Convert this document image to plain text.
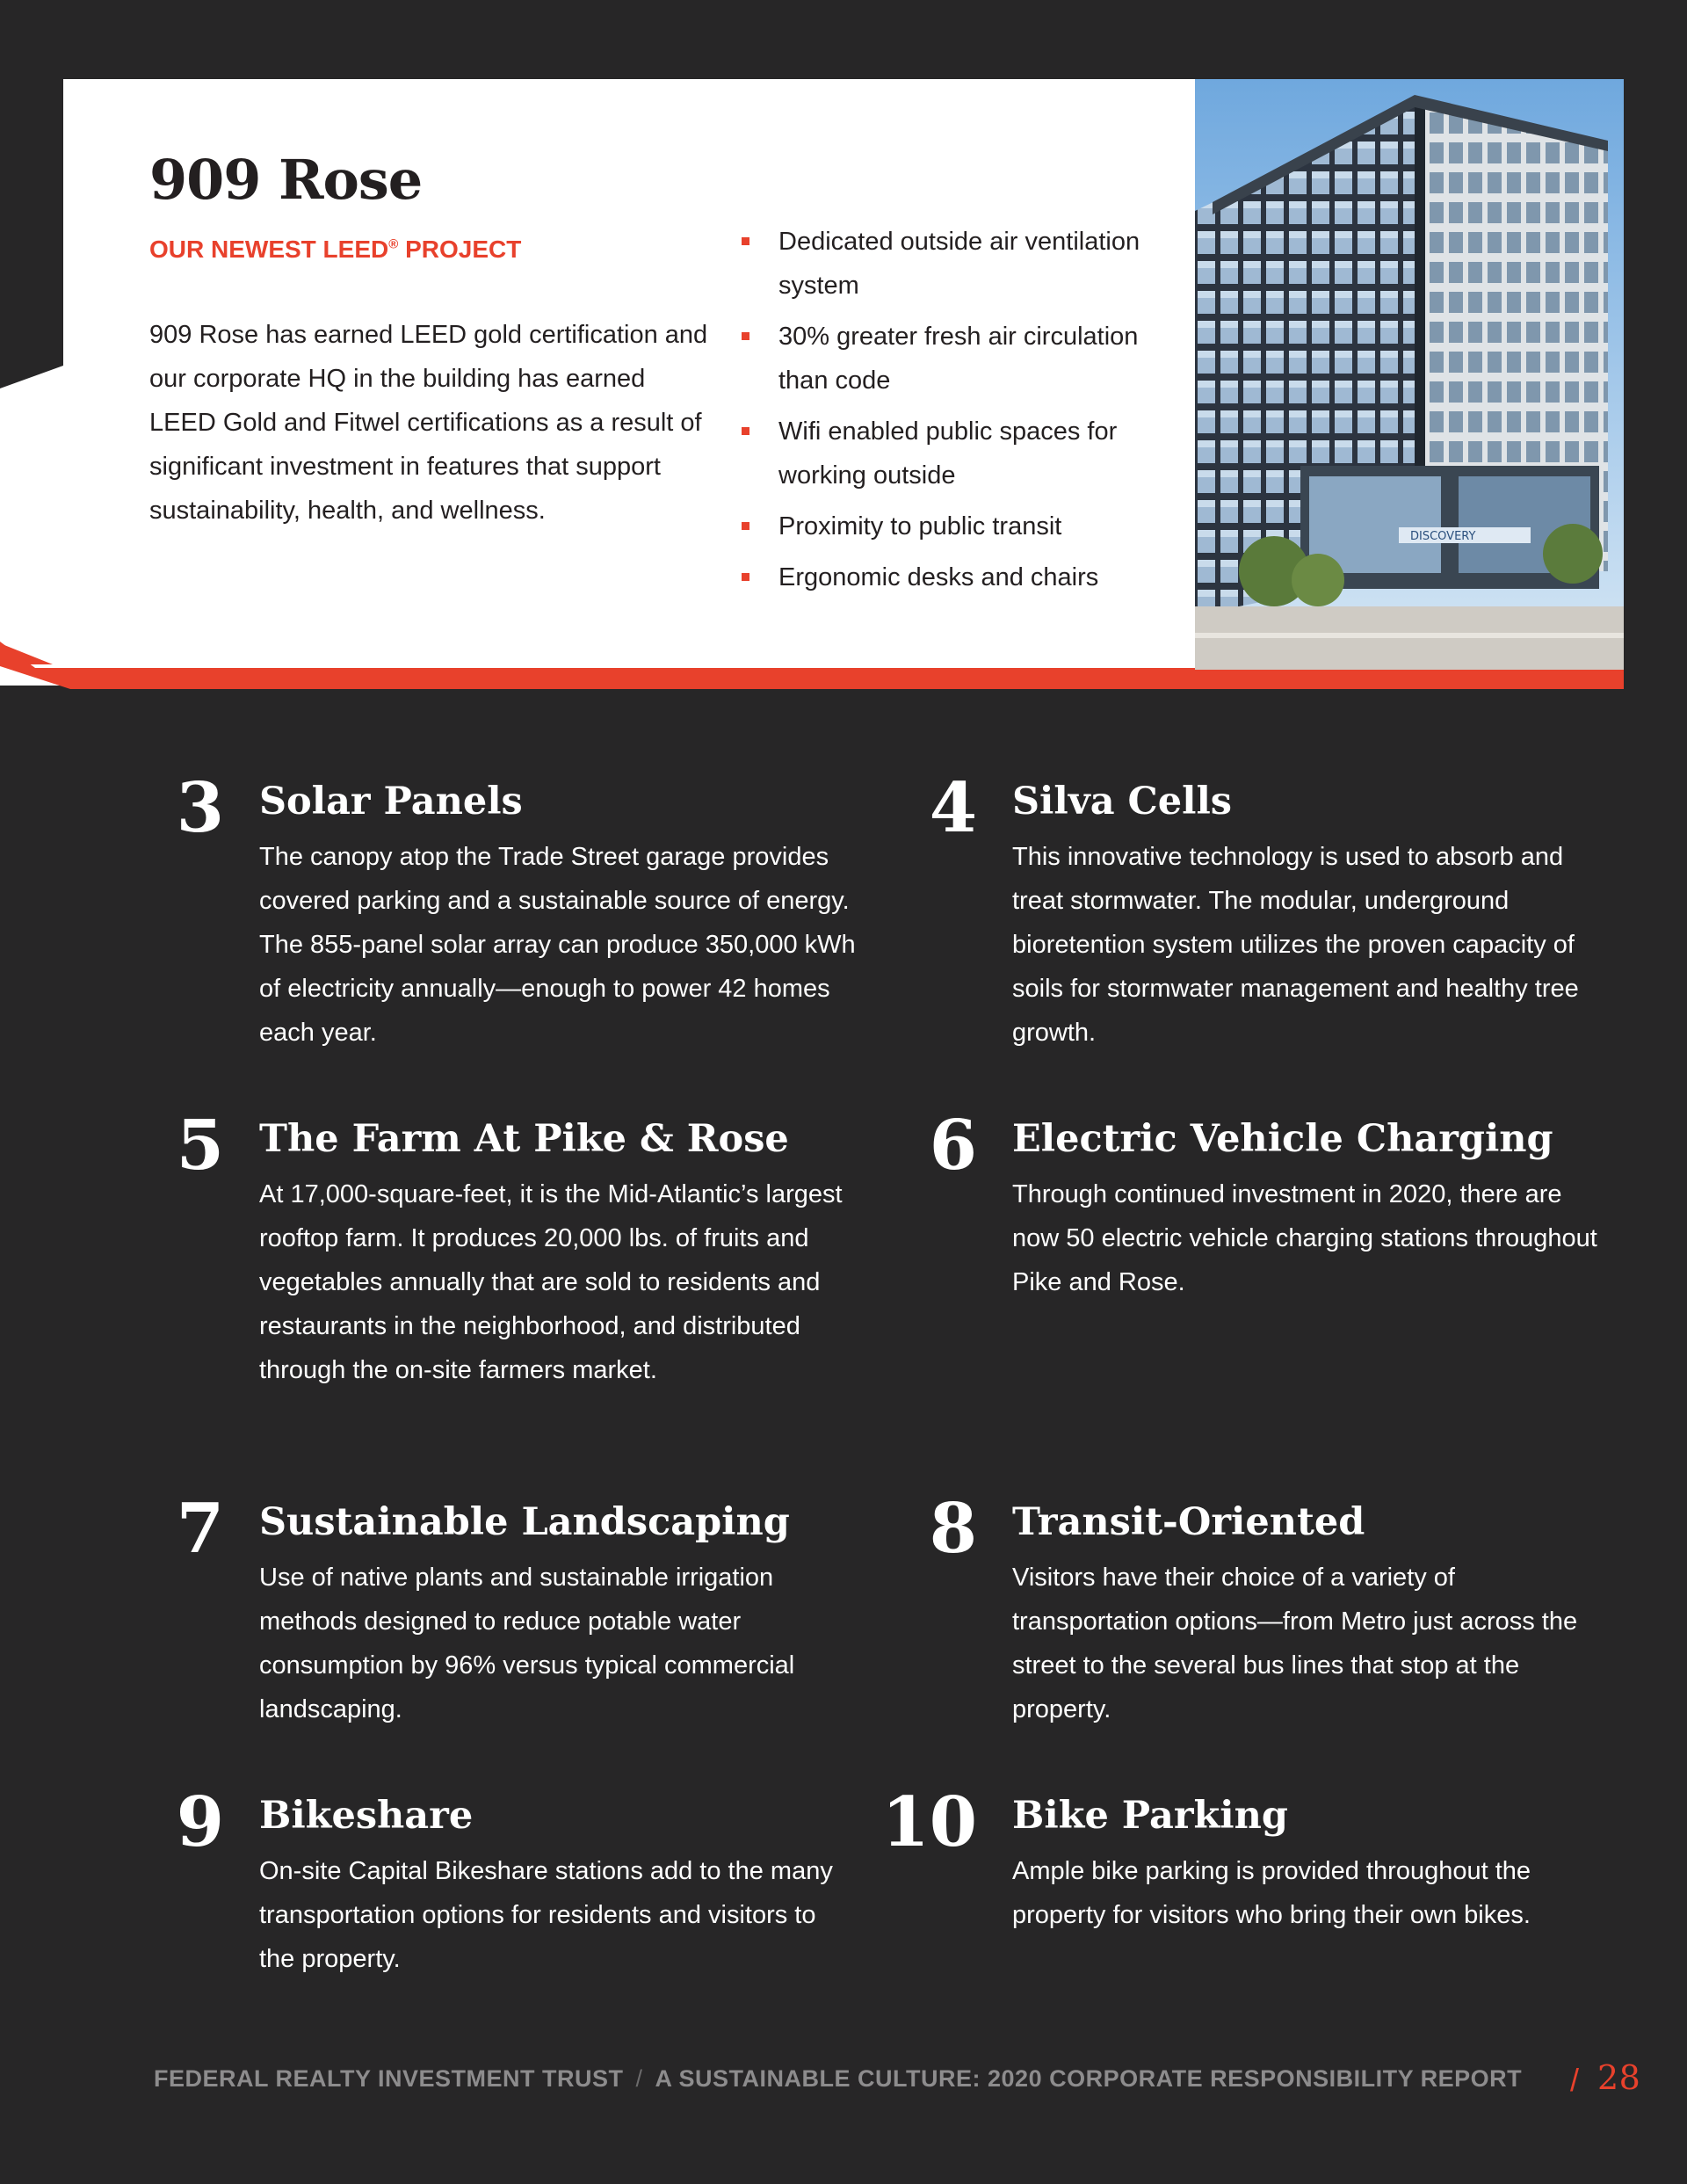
909 Rose

OUR NEWEST LEED® PROJECT

909 Rose has earned LEED gold certification and our corporate HQ in the building has earned LEED Gold and Fitwel certifications as a result of significant investment in features that support sustainability, health, and wellness.

Dedicated outside air ventilation system
30% greater fresh air circulation than code
Wifi enabled public spaces for working outside
Proximity to public transit
Ergonomic desks and chairs
DISCOVERY
3 Solar Panels

The canopy atop the Trade Street garage provides covered parking and a sustainable source of energy. The 855-panel solar array can produce 350,000 kWh of electricity annually—enough to power 42 homes each year.

4 Silva Cells

This innovative technology is used to absorb and treat stormwater. The modular, underground bioretention system utilizes the proven capacity of soils for stormwater management and healthy tree growth.

5 The Farm At Pike & Rose

At 17,000-square-feet, it is the Mid-Atlantic’s largest rooftop farm. It produces 20,000 lbs. of fruits and vegetables annually that are sold to residents and restaurants in the neighborhood, and distributed through the on-site farmers market.

6 Electric Vehicle Charging

Through continued investment in 2020, there are now 50 electric vehicle charging stations throughout Pike and Rose.

7 Sustainable Landscaping

Use of native plants and sustainable irrigation methods designed to reduce potable water consumption by 96% versus typical commercial landscaping.

8 Transit-Oriented

Visitors have their choice of a variety of transportation options—from Metro just across the street to the several bus lines that stop at the property.

9 Bikeshare

On-site Capital Bikeshare stations add to the many transportation options for residents and visitors to the property.

10 Bike Parking

Ample bike parking is provided throughout the property for visitors who bring their own bikes.

FEDERAL REALTY INVESTMENT TRUST / A SUSTAINABLE CULTURE: 2020 CORPORATE RESPONSIBILITY REPORT / 28
